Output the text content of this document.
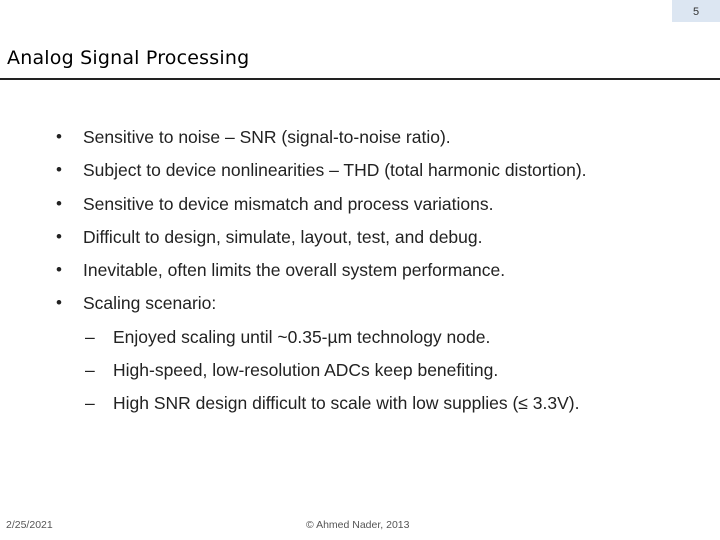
5
Analog Signal Processing
• Sensitive to noise – SNR (signal-to-noise ratio).
• Subject to device nonlinearities – THD (total harmonic distortion).
• Sensitive to device mismatch and process variations.
• Difficult to design, simulate, layout, test, and debug.
• Inevitable, often limits the overall system performance.
• Scaling scenario:
– Enjoyed scaling until ~0.35-µm technology node.
– High-speed, low-resolution ADCs keep benefiting.
– High SNR design difficult to scale with low supplies (≤ 3.3V).
2/25/2021	© Ahmed Nader, 2013
